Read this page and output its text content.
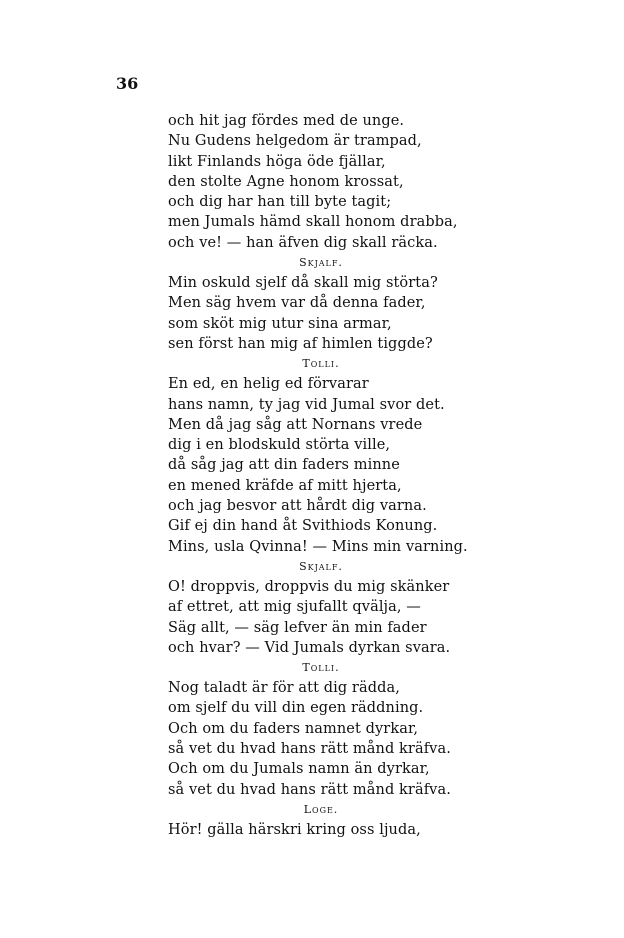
36
och hit jag fördes med de unge.
Nu Gudens helgedom är trampad,
likt Finlands höga öde fjällar,
den stolte Agne honom krossat,
och dig har han till byte tagit;
men Jumals hämd skall honom drabba,
och ve! — han äfven dig skall räcka.
Skjalf.
Min oskuld sjelf då skall mig störta?
Men säg hvem var då denna fader,
som sköt mig utur sina armar,
sen först han mig af himlen tiggde?
Tolli.
En ed, en helig ed förvarar
hans namn, ty jag vid Jumal svor det.
Men då jag såg att Nornans vrede
dig i en blodskuld störta ville,
då såg jag att din faders minne
en mened kräfde af mitt hjerta,
och jag besvor att hårdt dig varna.
Gif ej din hand åt Svithiods Konung.
Mins, usla Qvinna! — Mins min varning.
Skjalf.
O! droppvis, droppvis du mig skänker
af ettret, att mig sjufallt qvälja, —
Säg allt, — säg lefver än min fader
och hvar? — Vid Jumals dyrkan svara.
Tolli.
Nog taladt är för att dig rädda,
om sjelf du vill din egen räddning.
Och om du faders namnet dyrkar,
så vet du hvad hans rätt månd kräfva.
Och om du Jumals namn än dyrkar,
så vet du hvad hans rätt månd kräfva.
Loge.
Hör! gälla härskri kring oss ljuda,
